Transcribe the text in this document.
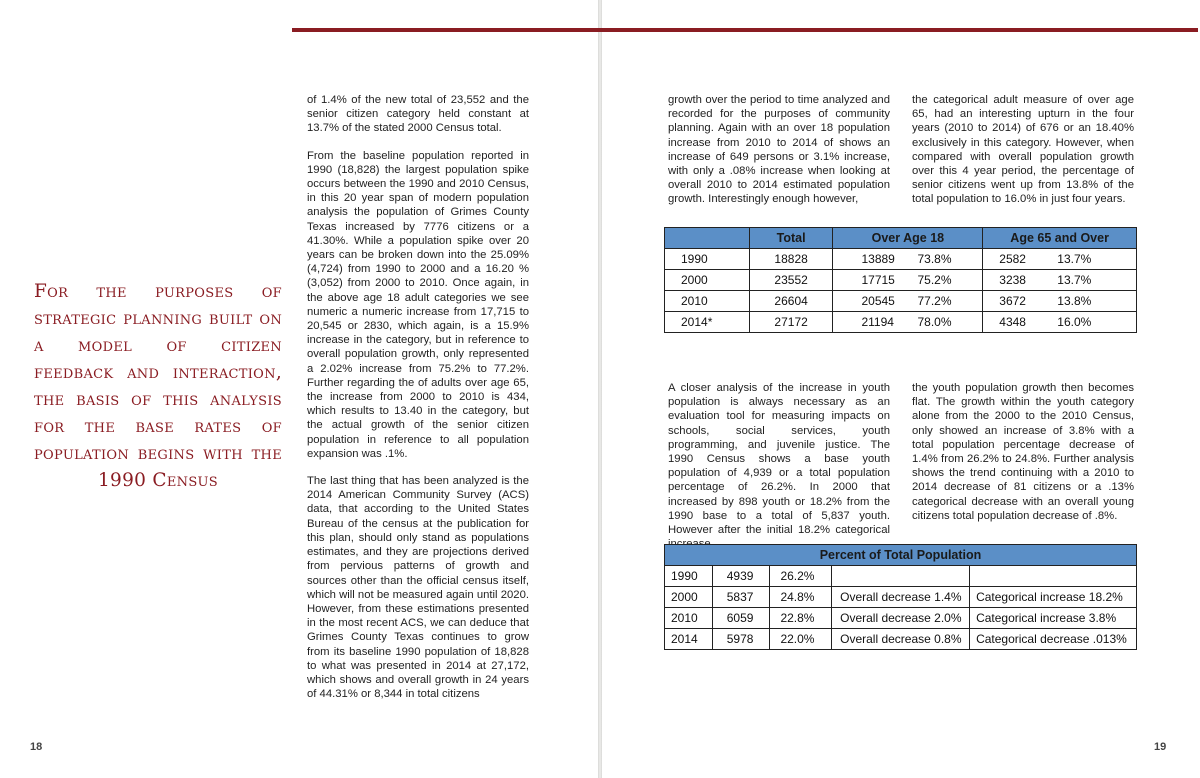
For the purposes of strategic planning built on a model of citizen feedback and interaction, the basis of this analysis for the base rates of population begins with the 1990 Census

of 1.4% of the new total of 23,552 and the senior citizen category held constant at 13.7% of the stated 2000 Census total.

From the baseline population reported in 1990 (18,828) the largest population spike occurs between the 1990 and 2010 Census, in this 20 year span of modern population analysis the population of Grimes County Texas increased by 7776 citizens or a 41.30%. While a population spike over 20 years can be broken down into the 25.09% (4,724) from 1990 to 2000 and a 16.20 % (3,052) from 2000 to 2010. Once again, in the above age 18 adult categories we see numeric a numeric increase from 17,715 to 20,545 or 2830, which again, is a 15.9% increase in the category, but in reference to overall population growth, only represented a 2.02% increase from 75.2% to 77.2%. Further regarding the of adults over age 65, the increase from 2000 to 2010 is 434, which results to 13.40 in the category, but the actual growth of the senior citizen population in reference to all population expansion was .1%.

The last thing that has been analyzed is the 2014 American Community Survey (ACS) data, that according to the United States Bureau of the census at the publication for this plan, should only stand as populations estimates, and they are projections derived from pervious patterns of growth and sources other than the official census itself, which will not be measured again until 2020. However, from these estimations presented in the most recent ACS, we can deduce that Grimes County Texas continues to grow from its baseline 1990 population of 18,828 to what was presented in 2014 at 27,172, which shows and overall growth in 24 years of 44.31% or 8,344 in total citizens

growth over the period to time analyzed and recorded for the purposes of community planning. Again with an over 18 population increase from 2010 to 2014 of shows an increase of 649 persons or 3.1% increase, with only a .08% increase when looking at overall 2010 to 2014 estimated population growth. Interestingly enough however,

the categorical adult measure of over age 65, had an interesting upturn in the four years (2010 to 2014) of 676 or an 18.40% exclusively in this category. However, when compared with overall population growth over this 4 year period, the percentage of senior citizens went up from 13.8% of the total population to 16.0% in just four years.

	Total	Over Age 18	Age 65 and Over
1990	18828	13889 73.8%	2582 13.7%

2000	23552	17715 75.2%	3238 13.7%

2010	26604	20545 77.2%	3672 13.8%

2014*	27172	21194 78.0%	4348 16.0%

A closer analysis of the increase in youth population is always necessary as an evaluation tool for measuring impacts on schools, social services, youth programming, and juvenile justice. The 1990 Census shows a base youth population of 4,939 or a total population percentage of 26.2%. In 2000 that increased by 898 youth or 18.2% from the 1990 base to a total of 5,837 youth. However after the initial 18.2% categorical

the youth population growth then becomes flat. The growth within the youth category alone from the 2000 to the 2010 Census, only showed an increase of 3.8% with a total population percentage decrease of 1.4% from 26.2% to 24.8%. Further analysis shows the trend continuing with a 2010 to 2014 decrease of 81 citizens or a .13% categorical decrease with an overall young citizens total population decrease of .8%.

Percent of Total Population				
1990	4939	26.2%		
2000	5837	24.8%	Overall decrease 1.4%	Categorical increase 18.2%
2010	6059	22.8%	Overall decrease 2.0%	Categorical increase 3.8%
2014	5978	22.0%	Overall decrease 0.8%	Categorical decrease .013%
18	19
